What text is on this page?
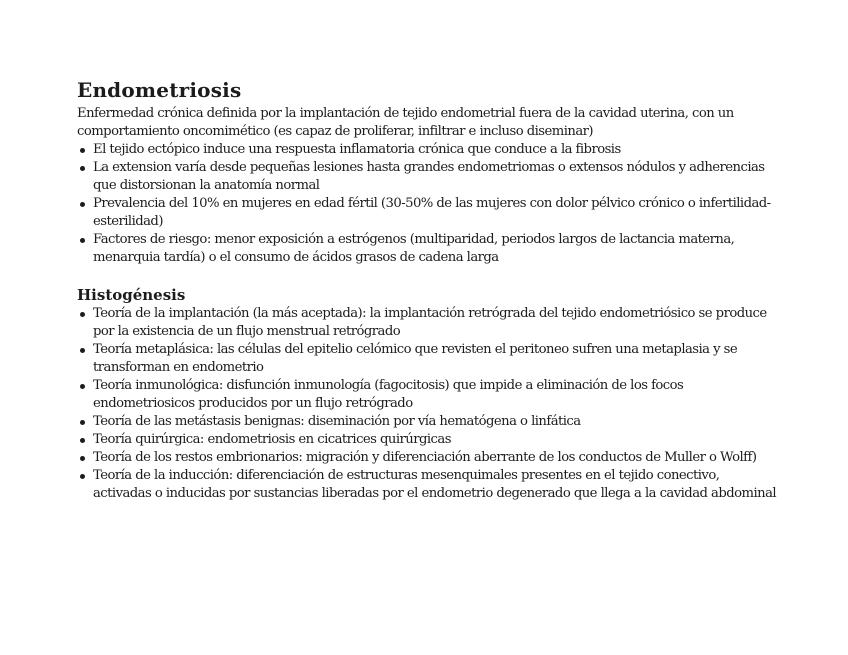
Endometriosis

Enfermedad crónica definida por la implantación de tejido endometrial fuera de la cavidad uterina, con un comportamiento oncomimético (es capaz de proliferar, infiltrar e incluso diseminar)

El tejido ectópico induce una respuesta inflamatoria crónica que conduce a la fibrosis
La extension varía desde pequeñas lesiones hasta grandes endometriomas o extensos nódulos y adherencias que distorsionan la anatomía normal
Prevalencia del 10% en mujeres en edad fértil (30-50% de las mujeres con dolor pélvico crónico o infertilidad-esterilidad)
Factores de riesgo: menor exposición a estrógenos (multiparidad, periodos largos de lactancia materna, menarquia tardía) o el consumo de ácidos grasos de cadena larga
Histogénesis
Teoría de la implantación (la más aceptada): la implantación retrógrada del tejido endometriósico se produce por la existencia de un flujo menstrual retrógrado
Teoría metaplásica: las células del epitelio celómico que revisten el peritoneo sufren una metaplasia y se transforman en endometrio
Teoría inmunológica: disfunción inmunología (fagocitosis) que impide a eliminación de los focos endometriosicos producidos por un flujo retrógrado
Teoría de las metástasis benignas: diseminación por vía hematógena o linfática
Teoría quirúrgica: endometriosis en cicatrices quirúrgicas
Teoría de los restos embrionarios: migración y diferenciación aberrante de los conductos de Muller o Wolff)
Teoría de la inducción: diferenciación de estructuras mesenquimales presentes en el tejido conectivo, activadas o inducidas por sustancias liberadas por el endometrio degenerado que llega a la cavidad abdominal
